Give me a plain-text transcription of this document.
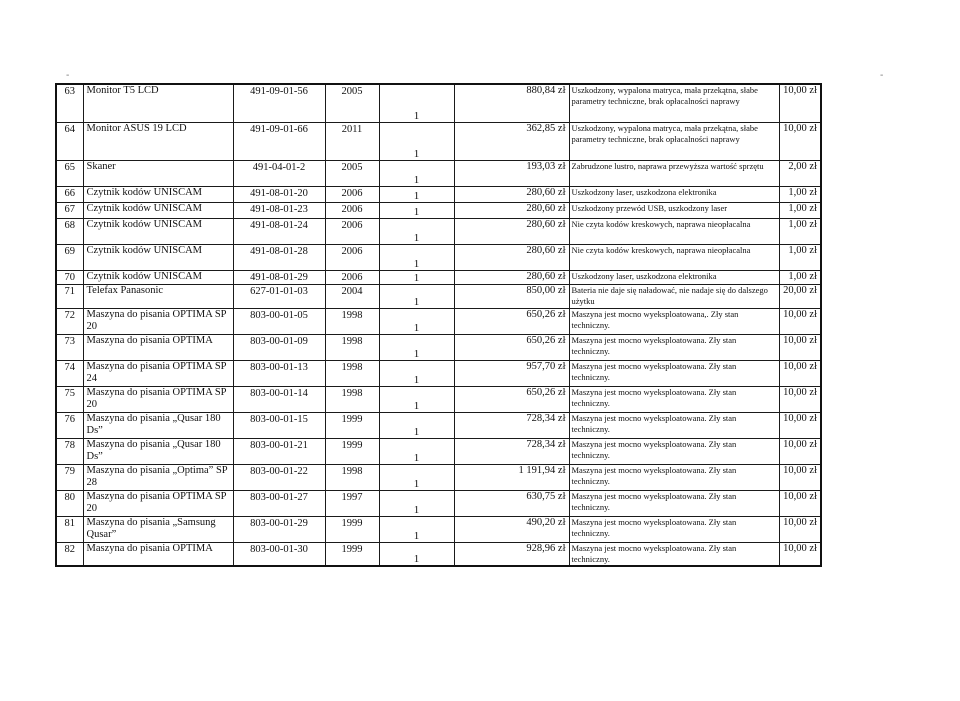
-	-
63	Monitor T5 LCD	491-09-01-56	2005	1	880,84 zł	Uszkodzony, wypalona matryca, mała przekątna, słabe parametry techniczne, brak opłacalności naprawy	10,00 zł
64	Monitor ASUS 19 LCD	491-09-01-66	2011	1	362,85 zł	Uszkodzony, wypalona matryca, mała przekątna, słabe parametry techniczne, brak opłacalności naprawy	10,00 zł
65	Skaner	491-04-01-2	2005	1	193,03 zł	Zabrudzone lustro, naprawa przewyższa wartość sprzętu	2,00 zł
66	Czytnik kodów UNISCAM	491-08-01-20	2006	1	280,60 zł	Uszkodzony laser, uszkodzona elektronika	1,00 zł
67	Czytnik kodów UNISCAM	491-08-01-23	2006	1	280,60 zł	Uszkodzony przewód USB, uszkodzony laser	1,00 zł
68	Czytnik kodów UNISCAM	491-08-01-24	2006	1	280,60 zł	Nie czyta kodów kreskowych, naprawa nieopłacalna	1,00 zł
69	Czytnik kodów UNISCAM	491-08-01-28	2006	1	280,60 zł	Nie czyta kodów kreskowych, naprawa nieopłacalna	1,00 zł
70	Czytnik kodów UNISCAM	491-08-01-29	2006	1	280,60 zł	Uszkodzony laser, uszkodzona elektronika	1,00 zł
71	Telefax Panasonic	627-01-01-03	2004	1	850,00 zł	Bateria nie daje się naładować, nie nadaje się do dalszego użytku	20,00 zł
72	Maszyna do pisania OPTIMA SP 20	803-00-01-05	1998	1	650,26 zł	Maszyna jest mocno wyeksploatowana,. Zły stan techniczny.	10,00 zł
73	Maszyna do pisania OPTIMA	803-00-01-09	1998	1	650,26 zł	Maszyna jest mocno wyeksploatowana. Zły stan techniczny.	10,00 zł
74	Maszyna do pisania OPTIMA SP 24	803-00-01-13	1998	1	957,70 zł	Maszyna jest mocno wyeksploatowana. Zły stan techniczny.	10,00 zł
75	Maszyna do pisania OPTIMA SP 20	803-00-01-14	1998	1	650,26 zł	Maszyna jest mocno wyeksploatowana. Zły stan techniczny.	10,00 zł
76	Maszyna do pisania „Qusar 180 Ds”	803-00-01-15	1999	1	728,34 zł	Maszyna jest mocno wyeksploatowana. Zły stan techniczny.	10,00 zł
78	Maszyna do pisania „Qusar 180 Ds”	803-00-01-21	1999	1	728,34 zł	Maszyna jest mocno wyeksploatowana. Zły stan techniczny.	10,00 zł
79	Maszyna do pisania „Optima” SP 28	803-00-01-22	1998	1	1 191,94 zł	Maszyna jest mocno wyeksploatowana. Zły stan techniczny.	10,00 zł
80	Maszyna do pisania OPTIMA SP 20	803-00-01-27	1997	1	630,75 zł	Maszyna jest mocno wyeksploatowana. Zły stan techniczny.	10,00 zł
81	Maszyna do pisania „Samsung Qusar”	803-00-01-29	1999	1	490,20 zł	Maszyna jest mocno wyeksploatowana. Zły stan techniczny.	10,00 zł
82	Maszyna do pisania OPTIMA	803-00-01-30	1999	1	928,96 zł	Maszyna jest mocno wyeksploatowana. Zły stan techniczny.	10,00 zł
